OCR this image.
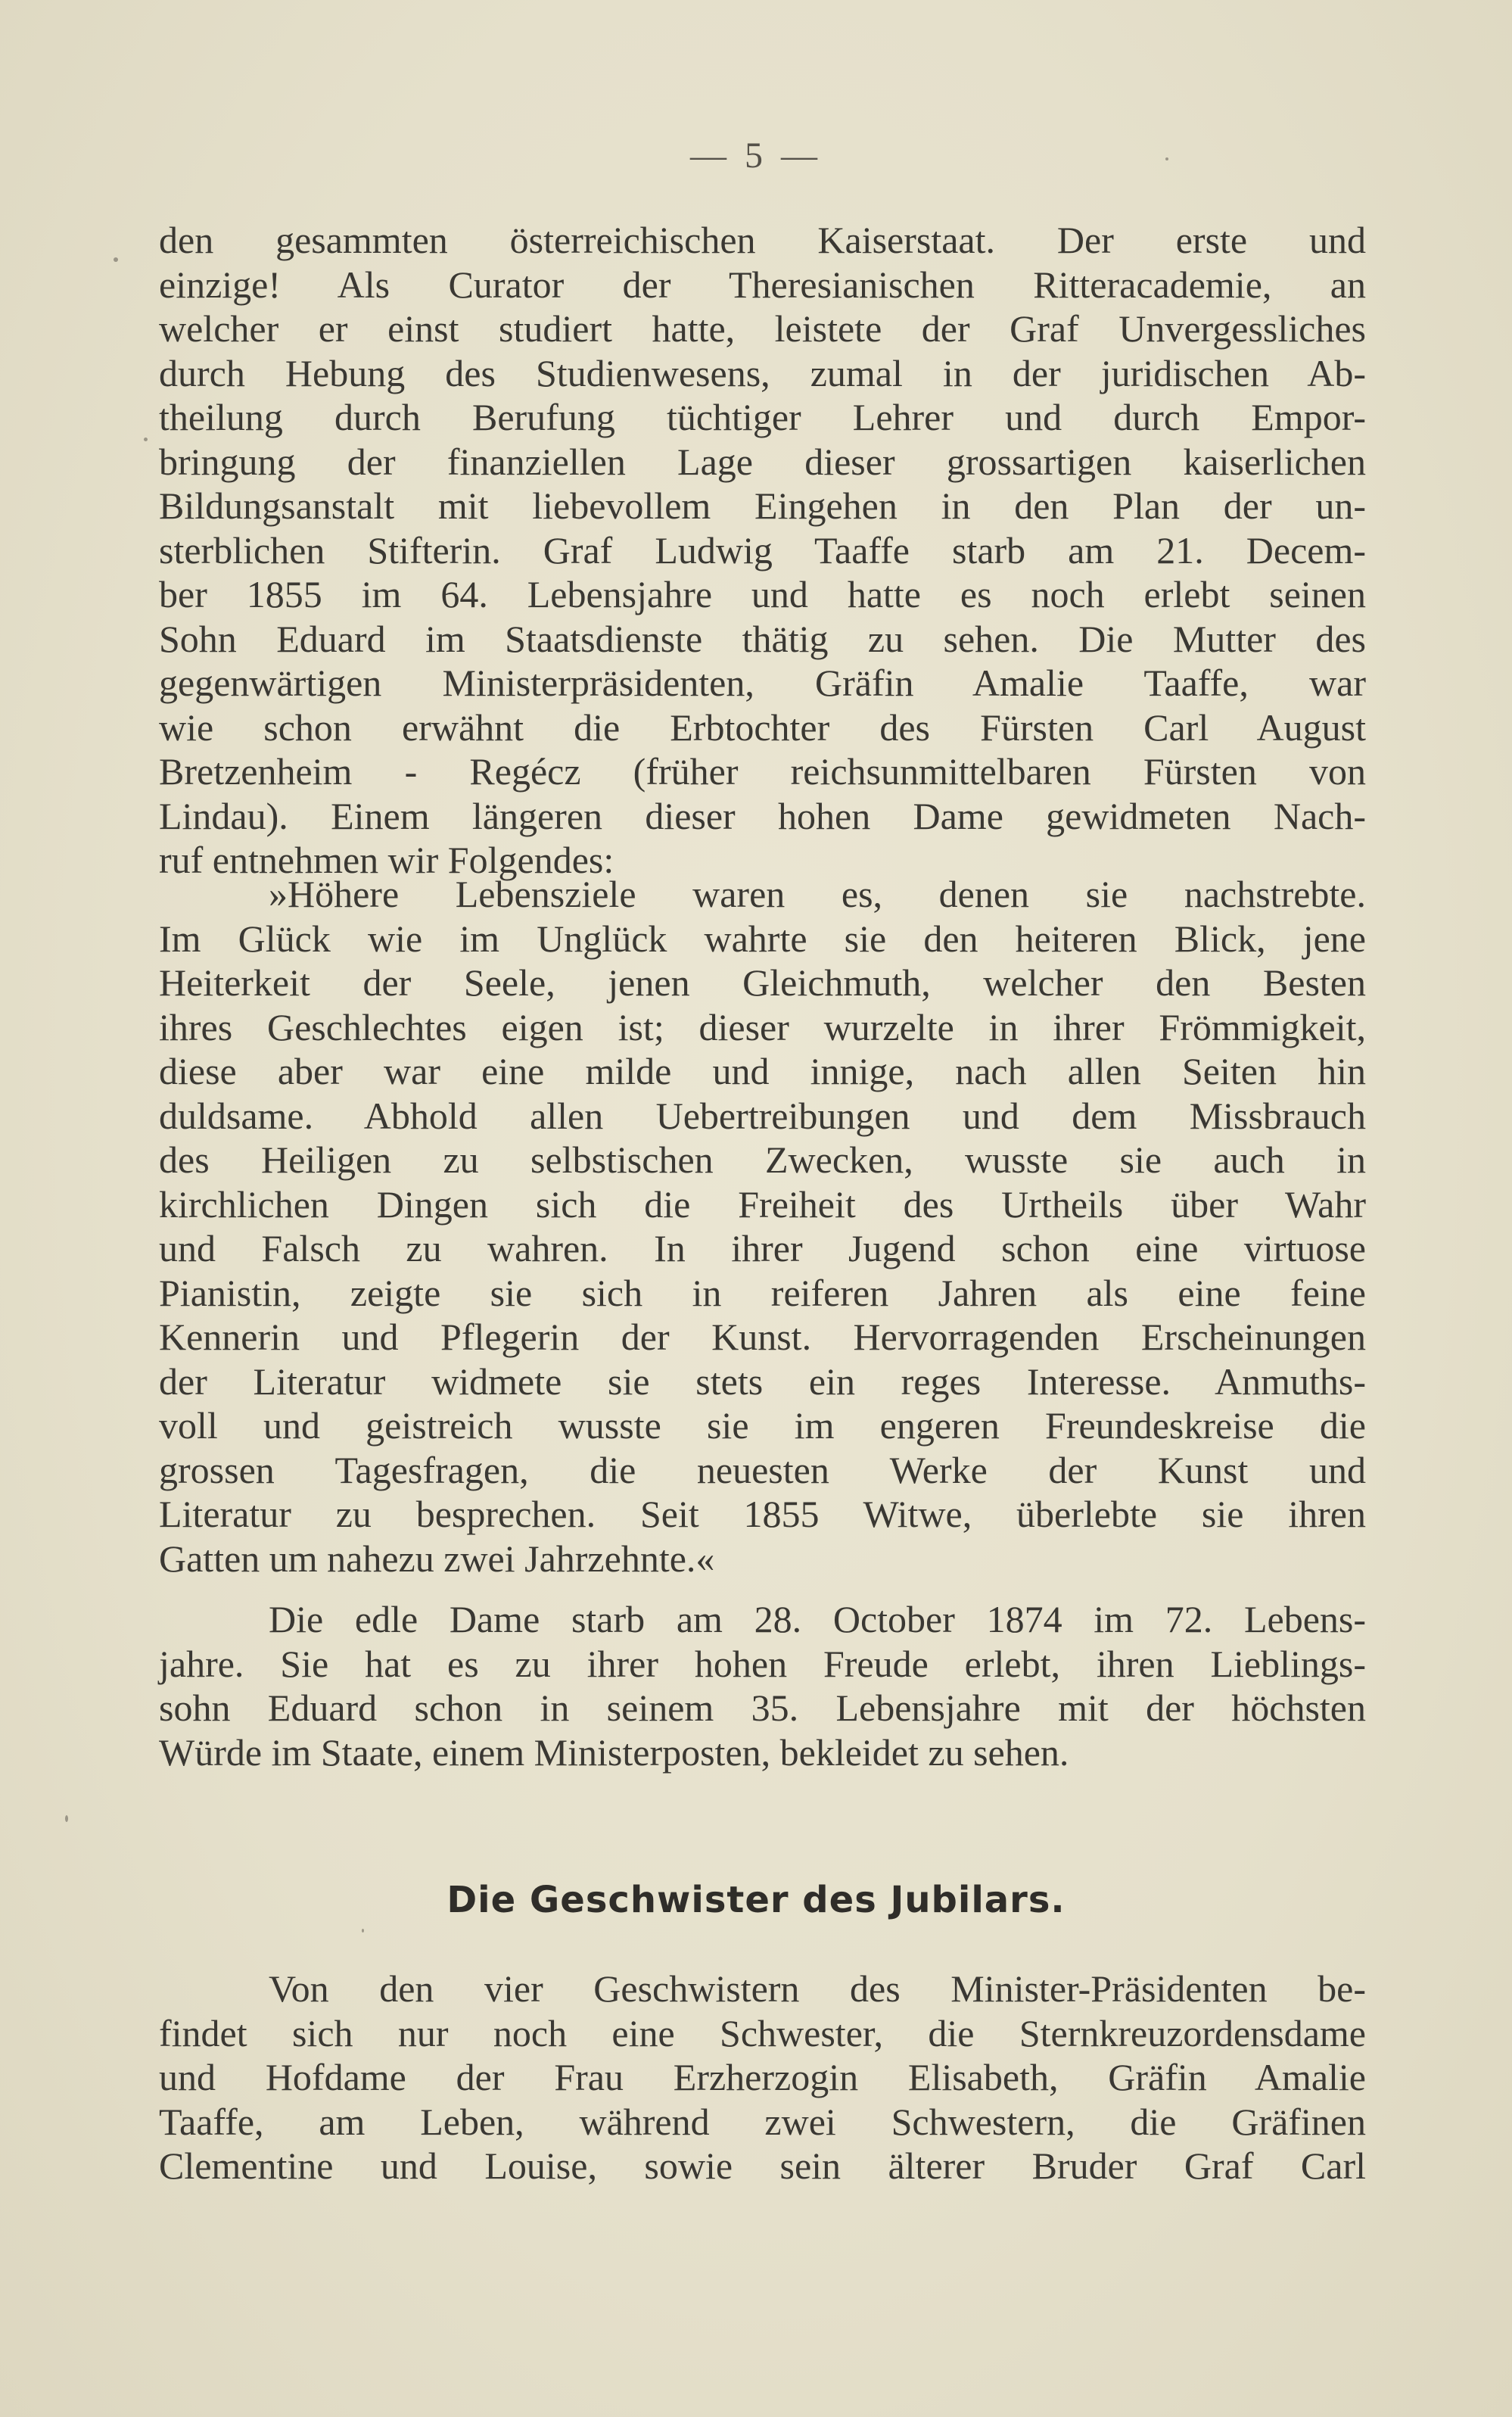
— 5 —
den gesammten österreichischen Kaiserstaat. Der erste und
einzige! Als Curator der Theresianischen Ritteracademie, an
welcher er einst studiert hatte, leistete der Graf Unvergessliches
durch Hebung des Studienwesens, zumal in der juridischen Ab-
theilung durch Berufung tüchtiger Lehrer und durch Empor-
bringung der finanziellen Lage dieser grossartigen kaiserlichen
Bildungsanstalt mit liebevollem Eingehen in den Plan der un-
sterblichen Stifterin. Graf Ludwig Taaffe starb am 21. Decem-
ber 1855 im 64. Lebensjahre und hatte es noch erlebt seinen
Sohn Eduard im Staatsdienste thätig zu sehen. Die Mutter des
gegenwärtigen Ministerpräsidenten, Gräfin Amalie Taaffe, war
wie schon erwähnt die Erbtochter des Fürsten Carl August
Bretzenheim - Regécz (früher reichsunmittelbaren Fürsten von
Lindau). Einem längeren dieser hohen Dame gewidmeten Nach-
ruf entnehmen wir Folgendes:
»Höhere Lebensziele waren es, denen sie nachstrebte.
Im Glück wie im Unglück wahrte sie den heiteren Blick, jene
Heiterkeit der Seele, jenen Gleichmuth, welcher den Besten
ihres Geschlechtes eigen ist; dieser wurzelte in ihrer Frömmigkeit,
diese aber war eine milde und innige, nach allen Seiten hin
duldsame. Abhold allen Uebertreibungen und dem Missbrauch
des Heiligen zu selbstischen Zwecken, wusste sie auch in
kirchlichen Dingen sich die Freiheit des Urtheils über Wahr
und Falsch zu wahren. In ihrer Jugend schon eine virtuose
Pianistin, zeigte sie sich in reiferen Jahren als eine feine
Kennerin und Pflegerin der Kunst. Hervorragenden Erscheinungen
der Literatur widmete sie stets ein reges Interesse. Anmuths-
voll und geistreich wusste sie im engeren Freundeskreise die
grossen Tagesfragen, die neuesten Werke der Kunst und
Literatur zu besprechen. Seit 1855 Witwe, überlebte sie ihren
Gatten um nahezu zwei Jahrzehnte.«
Die edle Dame starb am 28. October 1874 im 72. Lebens-
jahre. Sie hat es zu ihrer hohen Freude erlebt, ihren Lieblings-
sohn Eduard schon in seinem 35. Lebensjahre mit der höchsten
Würde im Staate, einem Ministerposten, bekleidet zu sehen.
Die Geschwister des Jubilars.
Von den vier Geschwistern des Minister-Präsidenten be-
findet sich nur noch eine Schwester, die Sternkreuzordensdame
und Hofdame der Frau Erzherzogin Elisabeth, Gräfin Amalie
Taaffe, am Leben, während zwei Schwestern, die Gräfinen
Clementine und Louise, sowie sein älterer Bruder Graf Carl
